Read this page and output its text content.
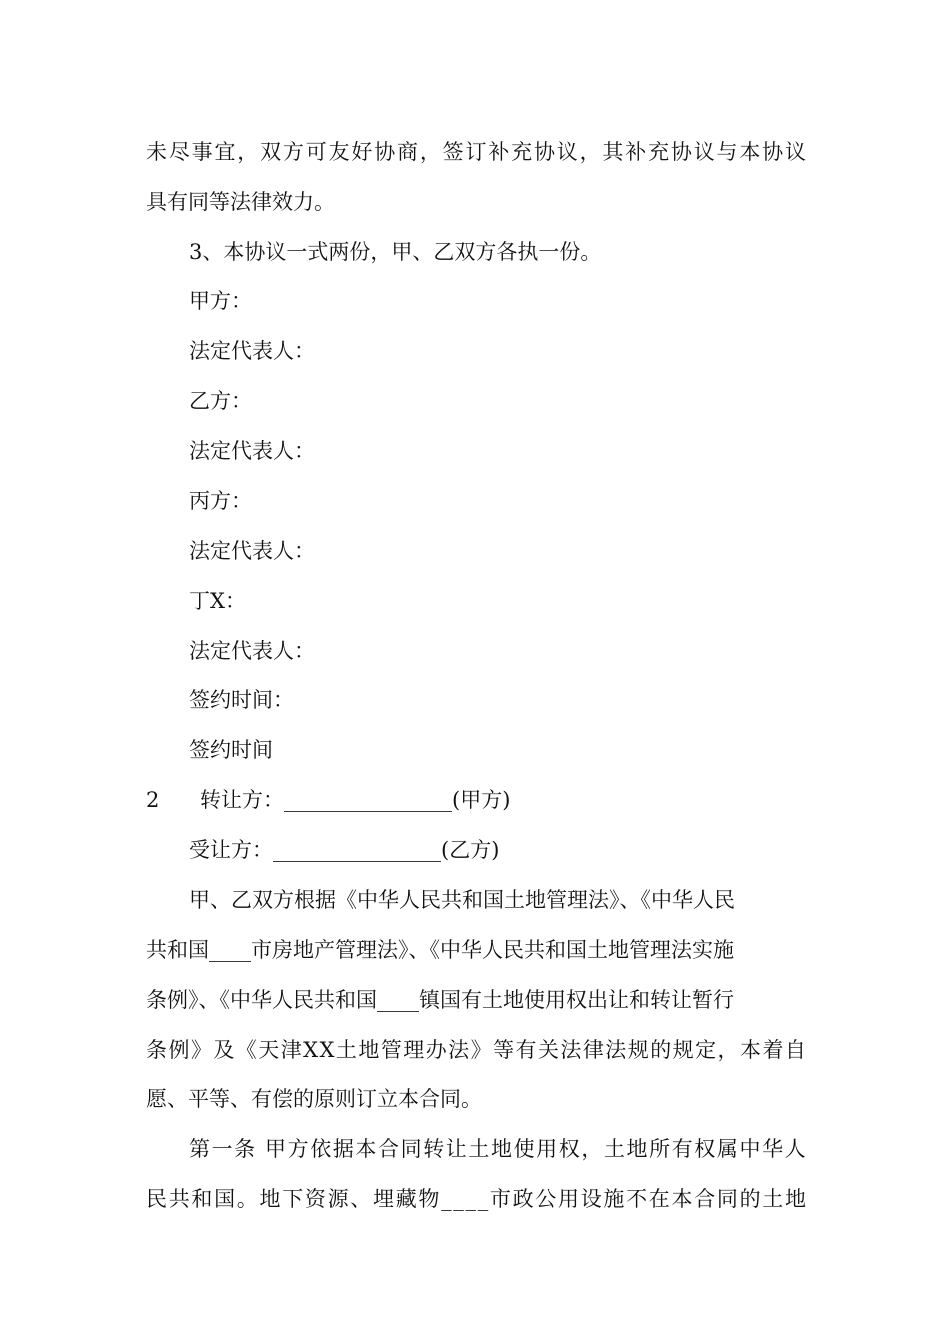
未尽事宜，双方可友好协商，签订补充协议，其补充协议与本协议
具有同等法律效力。
3、本协议一式两份，甲、乙双方各执一份。
甲方：
法定代表人：
乙方：
法定代表人：
丙方：
法定代表人：
丁X：
法定代表人：
签约时间：
签约时间
2 转让方：________________(甲方)
受让方：________________(乙方)
甲、乙双方根据《中华人民共和国土地管理法》、《中华人民
共和国____市房地产管理法》、《中华人民共和国土地管理法实施
条例》、《中华人民共和国____镇国有土地使用权出让和转让暂行
条例》及《天津XX土地管理办法》等有关法律法规的规定，本着自
愿、平等、有偿的原则订立本合同。
第一条 甲方依据本合同转让土地使用权，土地所有权属中华人
民共和国。地下资源、埋藏物____市政公用设施不在本合同的土地
